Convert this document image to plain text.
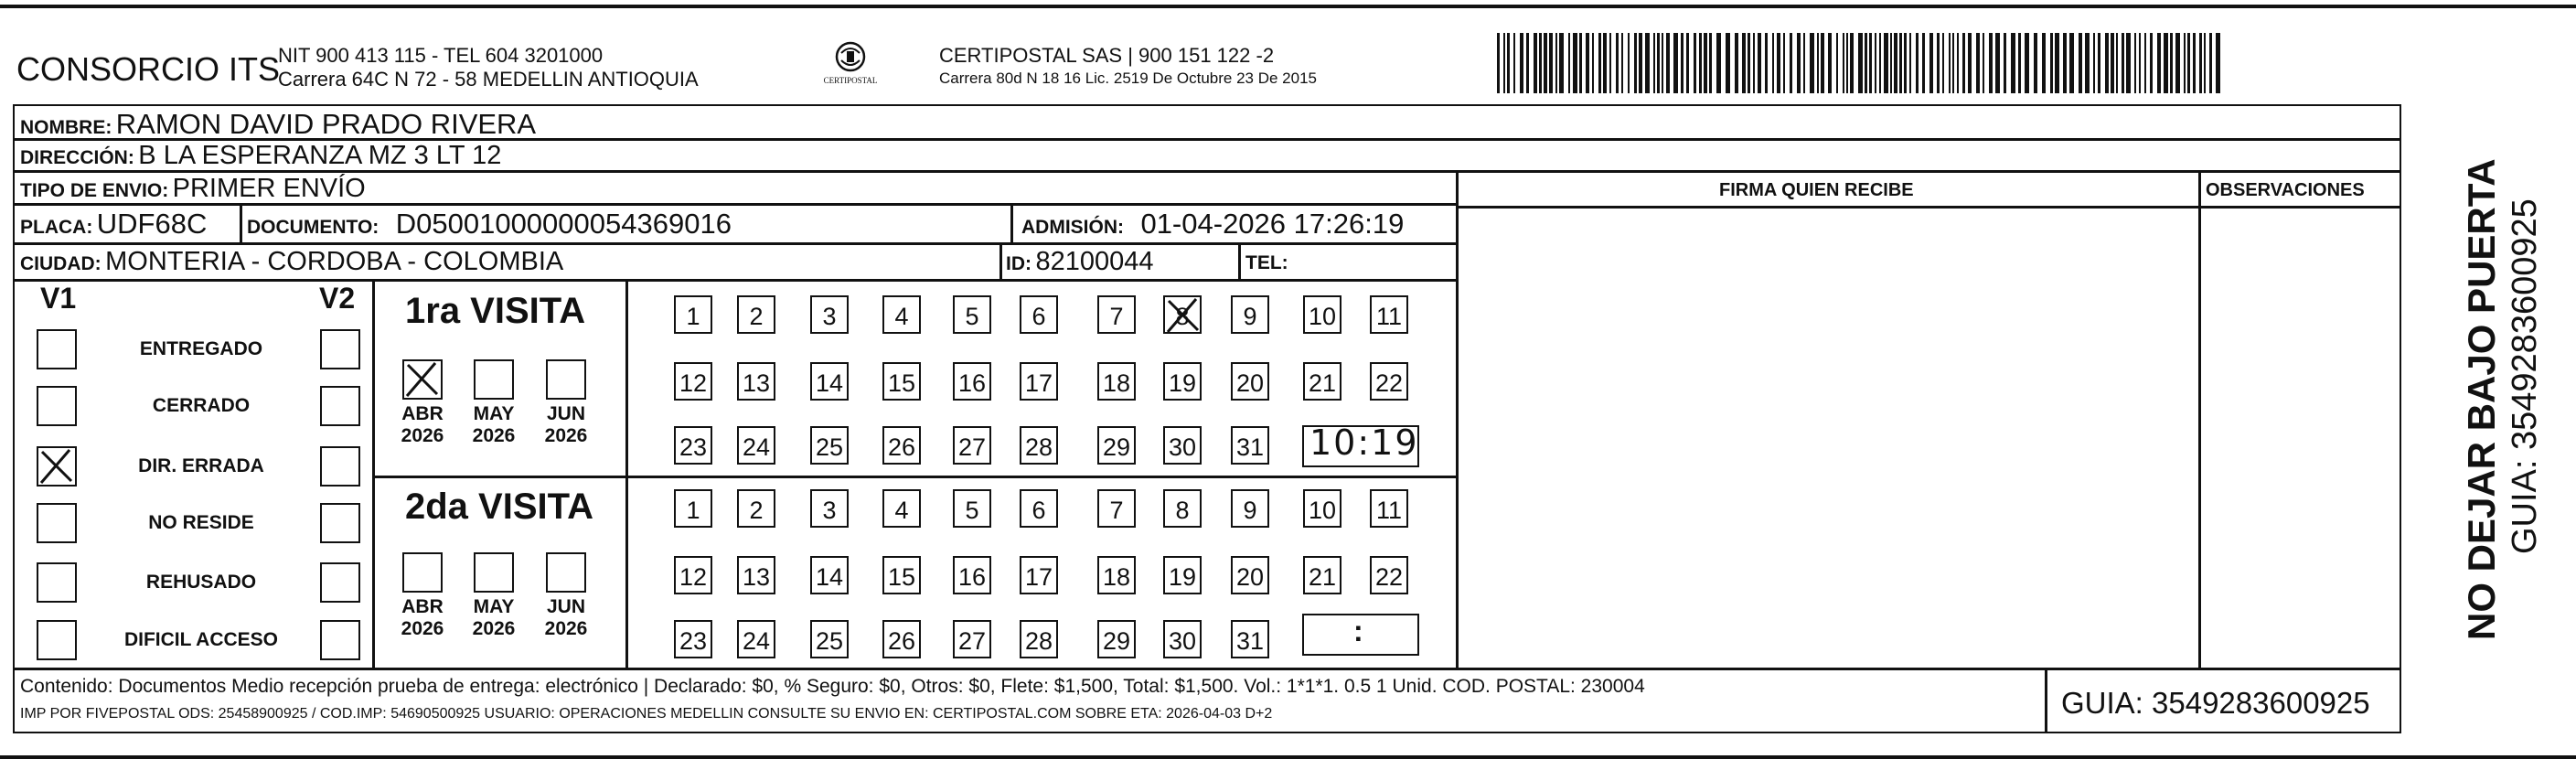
CONSORCIO ITS
NIT 900 413 115 - TEL 604 3201000
Carrera 64C N 72 - 58 MEDELLIN ANTIOQUIA	CERTIPOSTAL
CERTIPOSTAL SAS | 900 151 122 -2
Carrera 80d N 18 16 Lic. 2519 De Octubre 23 De 2015
FIRMA QUIEN RECIBE	OBSERVACIONES
NOMBRE: RAMON DAVID PRADO RIVERA
DIRECCIÓN: B LA ESPERANZA MZ 3 LT 12
TIPO DE ENVIO: PRIMER ENVÍO
PLACA: UDF68C DOCUMENTO: D05001000000054369016	ADMISIÓN: 01-04-2026 17:26:19
CIUDAD: MONTERIA - CORDOBA - COLOMBIA	ID: 82100044	TEL:
V1	V2
ENTREGADO
CERRADO
DIR. ERRADA
NO RESIDE
REHUSADO
DIFICIL ACCESO
1ra VISITA
2da VISITA
ABR
2026
MAY
2026
JUN
2026
ABR
2026
MAY
2026
JUN
2026
1	2	3	4	5	6	7	8	9	10 11
12 13 14 15 16 17 18 19 20 21 22
23 24 25 26 27 28 29 30 31
1	2	3	4	5	6	7	8	9	10 11
12 13 14 15 16 17 18 19 20 21 22
23 24 25 26 27 28 29 30 31
10:19
:
Contenido: Documentos Medio recepción prueba de entrega: electrónico | Declarado: $0, % Seguro: $0, Otros: $0, Flete: $1,500, Total: $1,500. Vol.: 1*1*1. 0.5 1 Unid. COD. POSTAL: 230004
IMP POR FIVEPOSTAL ODS: 25458900925 / COD.IMP: 54690500925 USUARIO: OPERACIONES MEDELLIN CONSULTE SU ENVIO EN: CERTIPOSTAL.COM SOBRE ETA: 2026-04-03 D+2	GUIA: 3549283600925
NO DEJAR BAJO PUERTA GUIA: 3549283600925
